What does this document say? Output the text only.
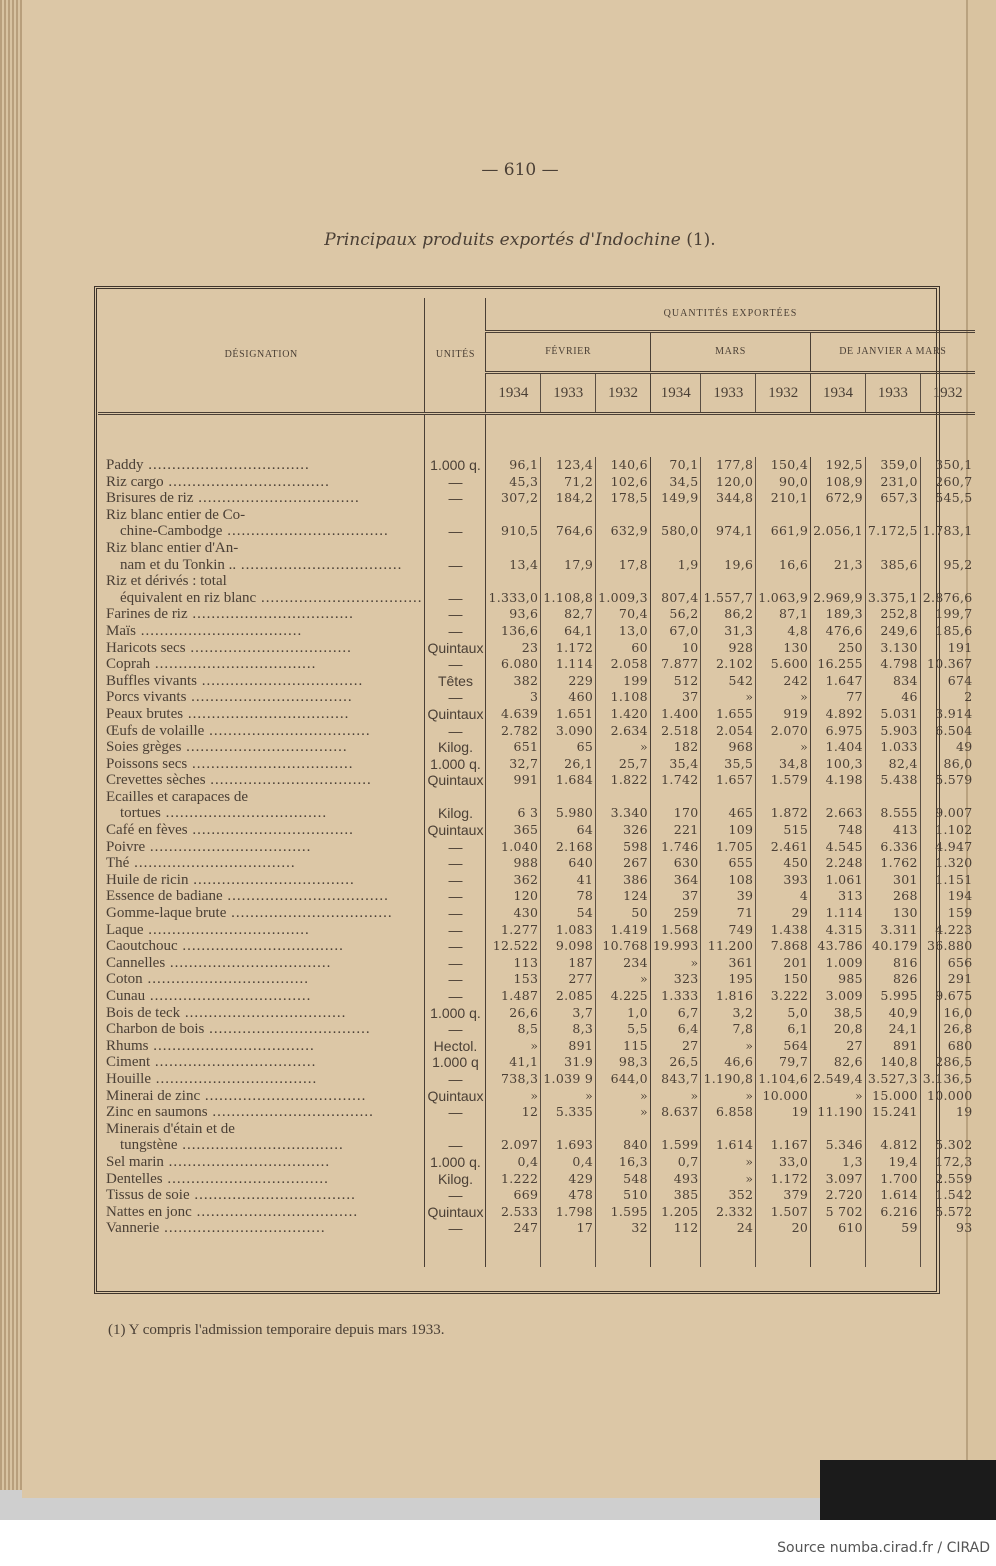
— 610 —
Principaux produits exportés d'Indochine (1).
DÉSIGNATION	UNITÉS	QUANTITÉS EXPORTÉES								
		FÉVRIER			MARS			DE JANVIER A MARS		
		1934	1933	1932	1934	1933	1932	1934	1933	1932

Paddy ..................................	1.000 q.	96,1	123,4	140,6	70,1	177,8	150,4	192,5	359,0	350,1
Riz cargo ..................................	—	45,3	71,2	102,6	34,5	120,0	90,0	108,9	231,0	260,7
Brisures de riz ..................................	—	307,2	184,2	178,5	149,9	344,8	210,1	672,9	657,3	545,5
Riz blanc entier de Co-										
chine-Cambodge ..................................	—	910,5	764,6	632,9	580,0	974,1	661,9	2.056,1	7.172,5	1.783,1
Riz blanc entier d'An-										
nam et du Tonkin .. ..................................	—	13,4	17,9	17,8	1,9	19,6	16,6	21,3	385,6	95,2
Riz et dérivés : total										
équivalent en riz blanc ..................................	—	1.333,0	1.108,8	1.009,3	807,4	1.557,7	1.063,9	2.969,9	3.375,1	2.876,6
Farines de riz ..................................	—	93,6	82,7	70,4	56,2	86,2	87,1	189,3	252,8	199,7
Maïs ..................................	—	136,6	64,1	13,0	67,0	31,3	4,8	476,6	249,6	185,6
Haricots secs ..................................	Quintaux	23	1.172	60	10	928	130	250	3.130	191
Coprah ..................................	—	6.080	1.114	2.058	7.877	2.102	5.600	16.255	4.798	10.367
Buffles vivants ..................................	Têtes	382	229	199	512	542	242	1.647	834	674
Porcs vivants ..................................	—	3	460	1.108	37	»	»	77	46	2
Peaux brutes ..................................	Quintaux	4.639	1.651	1.420	1.400	1.655	919	4.892	5.031	3.914
Œufs de volaille ..................................	—	2.782	3.090	2.634	2.518	2.054	2.070	6.975	5.903	6.504
Soies grèges ..................................	Kilog.	651	65	»	182	968	»	1.404	1.033	49
Poissons secs ..................................	1.000 q.	32,7	26,1	25,7	35,4	35,5	34,8	100,3	82,4	86,0
Crevettes sèches ..................................	Quintaux	991	1.684	1.822	1.742	1.657	1.579	4.198	5.438	5.579
Ecailles et carapaces de										
tortues ..................................	Kilog.	6 3	5.980	3.340	170	465	1.872	2.663	8.555	9.007
Café en fèves ..................................	Quintaux	365	64	326	221	109	515	748	413	1.102
Poivre ..................................	—	1.040	2.168	598	1.746	1.705	2.461	4.545	6.336	4.947
Thé ..................................	—	988	640	267	630	655	450	2.248	1.762	1.320
Huile de ricin ..................................	—	362	41	386	364	108	393	1.061	301	1.151
Essence de badiane ..................................	—	120	78	124	37	39	4	313	268	194
Gomme-laque brute ..................................	—	430	54	50	259	71	29	1.114	130	159
Laque ..................................	—	1.277	1.083	1.419	1.568	749	1.438	4.315	3.311	4.223
Caoutchouc ..................................	—	12.522	9.098	10.768	19.993	11.200	7.868	43.786	40.179	36.880
Cannelles ..................................	—	113	187	234	»	361	201	1.009	816	656
Coton ..................................	—	153	277	»	323	195	150	985	826	291
Cunau ..................................	—	1.487	2.085	4.225	1.333	1.816	3.222	3.009	5.995	9.675
Bois de teck ..................................	1.000 q.	26,6	3,7	1,0	6,7	3,2	5,0	38,5	40,9	16,0
Charbon de bois ..................................	—	8,5	8,3	5,5	6,4	7,8	6,1	20,8	24,1	26,8
Rhums ..................................	Hectol.	»	891	115	27	»	564	27	891	680
Ciment ..................................	1.000 q	41,1	31.9	98,3	26,5	46,6	79,7	82,6	140,8	286,5
Houille ..................................	—	738,3	1.039 9	644,0	843,7	1.190,8	1.104,6	2.549,4	3.527,3	3.136,5
Minerai de zinc ..................................	Quintaux	»	»	»	»	»	10.000	»	15.000	10.000
Zinc en saumons ..................................	—	12	5.335	»	8.637	6.858	19	11.190	15.241	19
Minerais d'étain et de										
tungstène ..................................	—	2.097	1.693	840	1.599	1.614	1.167	5.346	4.812	5.302
Sel marin ..................................	1.000 q.	0,4	0,4	16,3	0,7	»	33,0	1,3	19,4	172,3
Dentelles ..................................	Kilog.	1.222	429	548	493	»	1.172	3.097	1.700	2.559
Tissus de soie ..................................	—	669	478	510	385	352	379	2.720	1.614	1.542
Nattes en jonc ..................................	Quintaux	2.533	1.798	1.595	1.205	2.332	1.507	5 702	6.216	5.572
Vannerie ..................................	—	247	17	32	112	24	20	610	59	93

(1) Y compris l'admission temporaire depuis mars 1933.
Source numba.cirad.fr / CIRAD
